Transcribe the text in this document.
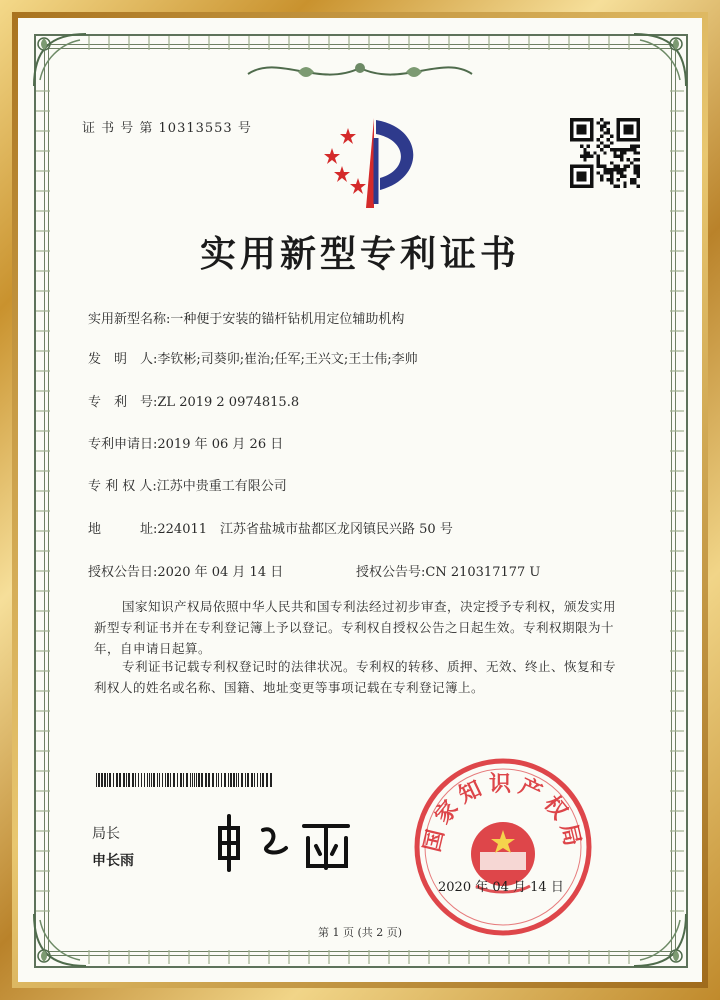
证 书 号 第 10313553 号
实用新型专利证书
实用新型名称:一种便于安装的锚杆钻机用定位辅助机构
发　明　人:李钦彬;司葵卯;崔治;任军;王兴文;王士伟;李帅
专　利　号:ZL 2019 2 0974815.8
专利申请日:2019 年 06 月 26 日
专 利 权 人:江苏中贵重工有限公司
地　　　址:224011　江苏省盐城市盐都区龙冈镇民兴路 50 号
授权公告日:2020 年 04 月 14 日	授权公告号:CN 210317177 U
国家知识产权局依照中华人民共和国专利法经过初步审查，决定授予专利权，颁发实用新型专利证书并在专利登记簿上予以登记。专利权自授权公告之日起生效。专利权期限为十年，自申请日起算。
专利证书记载专利权登记时的法律状况。专利权的转移、质押、无效、终止、恢复和专利权人的姓名或名称、国籍、地址变更等事项记载在专利登记簿上。
局长
申长雨
国家知识产权局
2020 年 04 月 14 日
第 1 页 (共 2 页)
